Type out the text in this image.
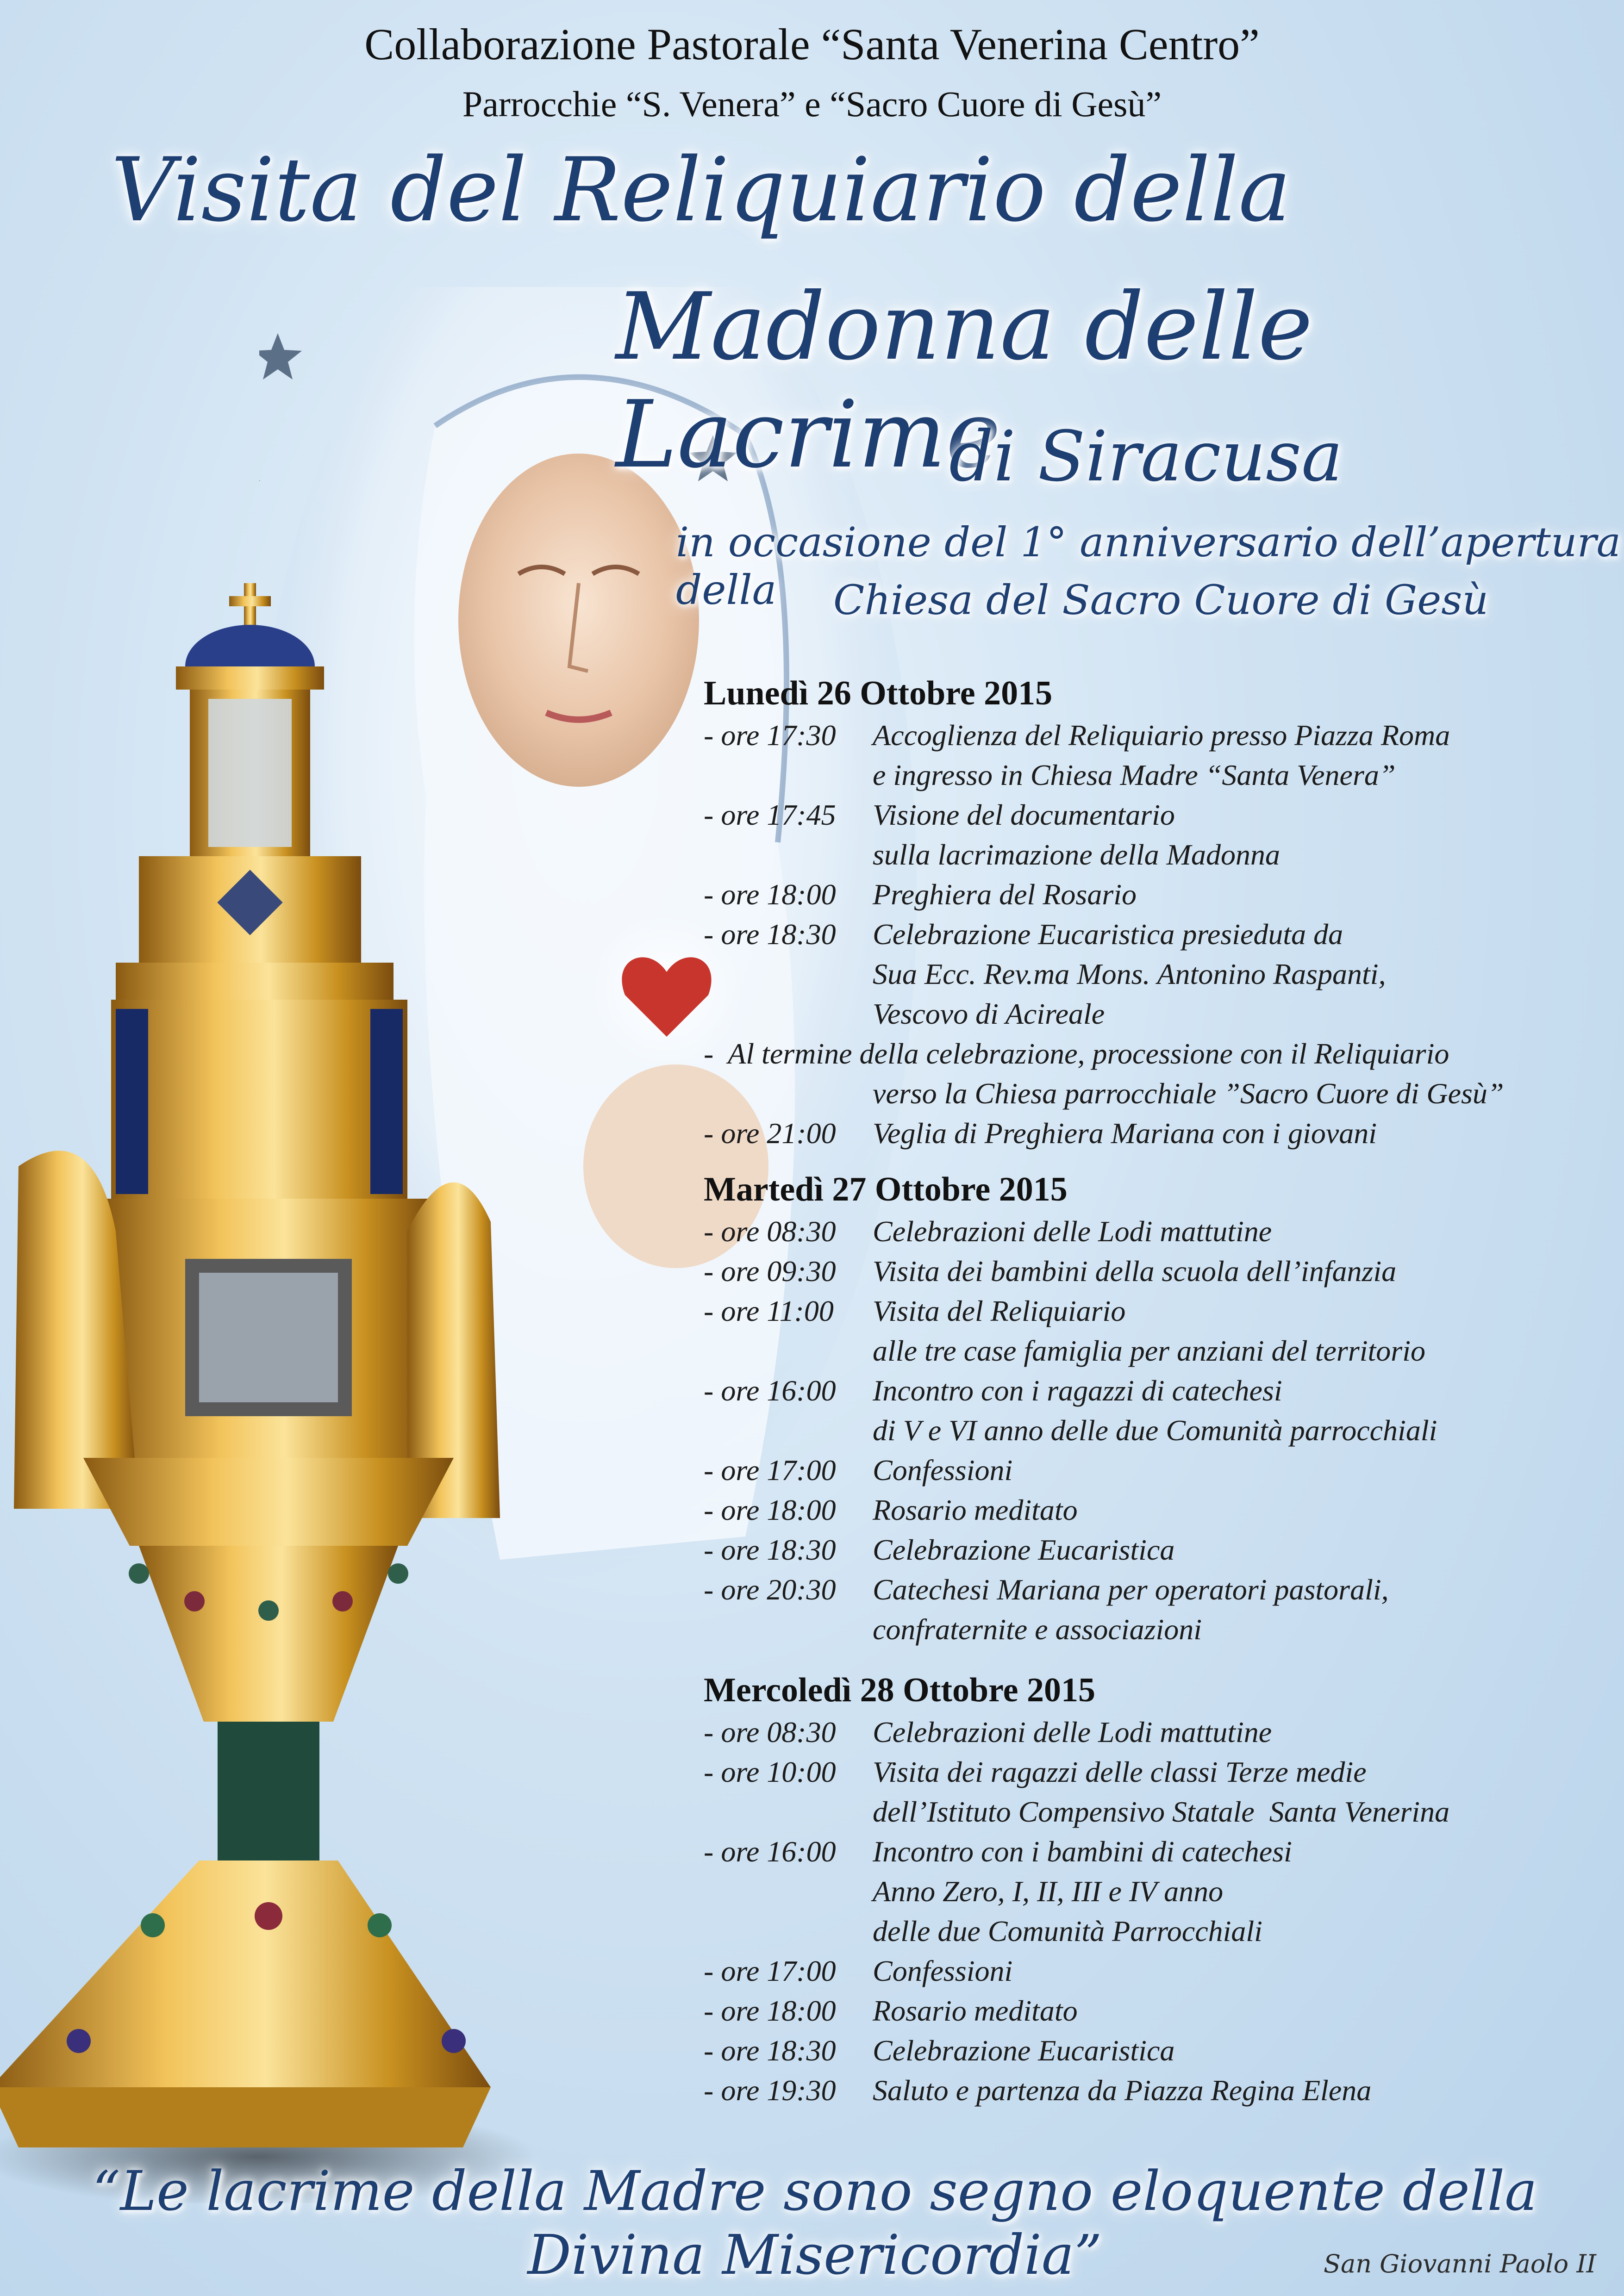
Collaborazione Pastorale “Santa Venerina Centro”
Parrocchie “S. Venera” e “Sacro Cuore di Gesù”
Visita del Reliquiario della
Madonna delle Lacrime
di Siracusa
in occasione del 1° anniversario dell’apertura della	Chiesa del Sacro Cuore di Gesù
Lunedì 26 Ottobre 2015
- ore 17:30	Accoglienza del Reliquiario presso Piazza Roma
e ingresso in Chiesa Madre “Santa Venera”
- ore 17:45	Visione del documentario
sulla lacrimazione della Madonna
- ore 18:00	Preghiera del Rosario
- ore 18:30	Celebrazione Eucaristica presieduta da
Sua Ecc. Rev.ma Mons. Antonino Raspanti,
Vescovo di Acireale
-  Al termine della celebrazione, processione con il Reliquiario
verso la Chiesa parrocchiale ”Sacro Cuore di Gesù”
- ore 21:00	Veglia di Preghiera Mariana con i giovani
Martedì 27 Ottobre 2015
- ore 08:30	Celebrazioni delle Lodi mattutine
- ore 09:30	Visita dei bambini della scuola dell’infanzia
- ore 11:00	Visita del Reliquiario
alle tre case famiglia per anziani del territorio
- ore 16:00	Incontro con i ragazzi di catechesi
di V e VI anno delle due Comunità parrocchiali
- ore 17:00	Confessioni
- ore 18:00	Rosario meditato
- ore 18:30	Celebrazione Eucaristica
- ore 20:30	Catechesi Mariana per operatori pastorali,
confraternite e associazioni
Mercoledì 28 Ottobre 2015
- ore 08:30	Celebrazioni delle Lodi mattutine
- ore 10:00	Visita dei ragazzi delle classi Terze medie
dell’Istituto Compensivo Statale  Santa Venerina
- ore 16:00	Incontro con i bambini di catechesi
Anno Zero, I, II, III e IV anno
delle due Comunità Parrocchiali
- ore 17:00	Confessioni
- ore 18:00	Rosario meditato
- ore 18:30	Celebrazione Eucaristica
- ore 19:30	Saluto e partenza da Piazza Regina Elena
“Le lacrime della Madre sono segno eloquente della Divina Misericordia”	San Giovanni Paolo II
